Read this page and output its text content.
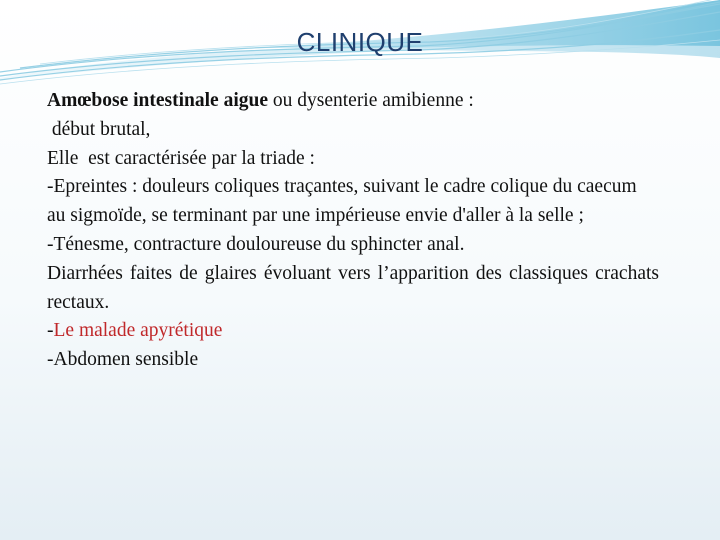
CLINIQUE

Amœbose intestinale aigue ou dysenterie amibienne :

début brutal,

Elle  est caractérisée par la triade :

-Epreintes : douleurs coliques traçantes, suivant le cadre colique du caecum au sigmoïde, se terminant par une impérieuse envie d'aller à la selle ;

-Ténesme, contracture douloureuse du sphincter anal.

Diarrhées faites de glaires évoluant vers l’apparition des classiques crachats rectaux.

-Le malade apyrétique

-Abdomen sensible
